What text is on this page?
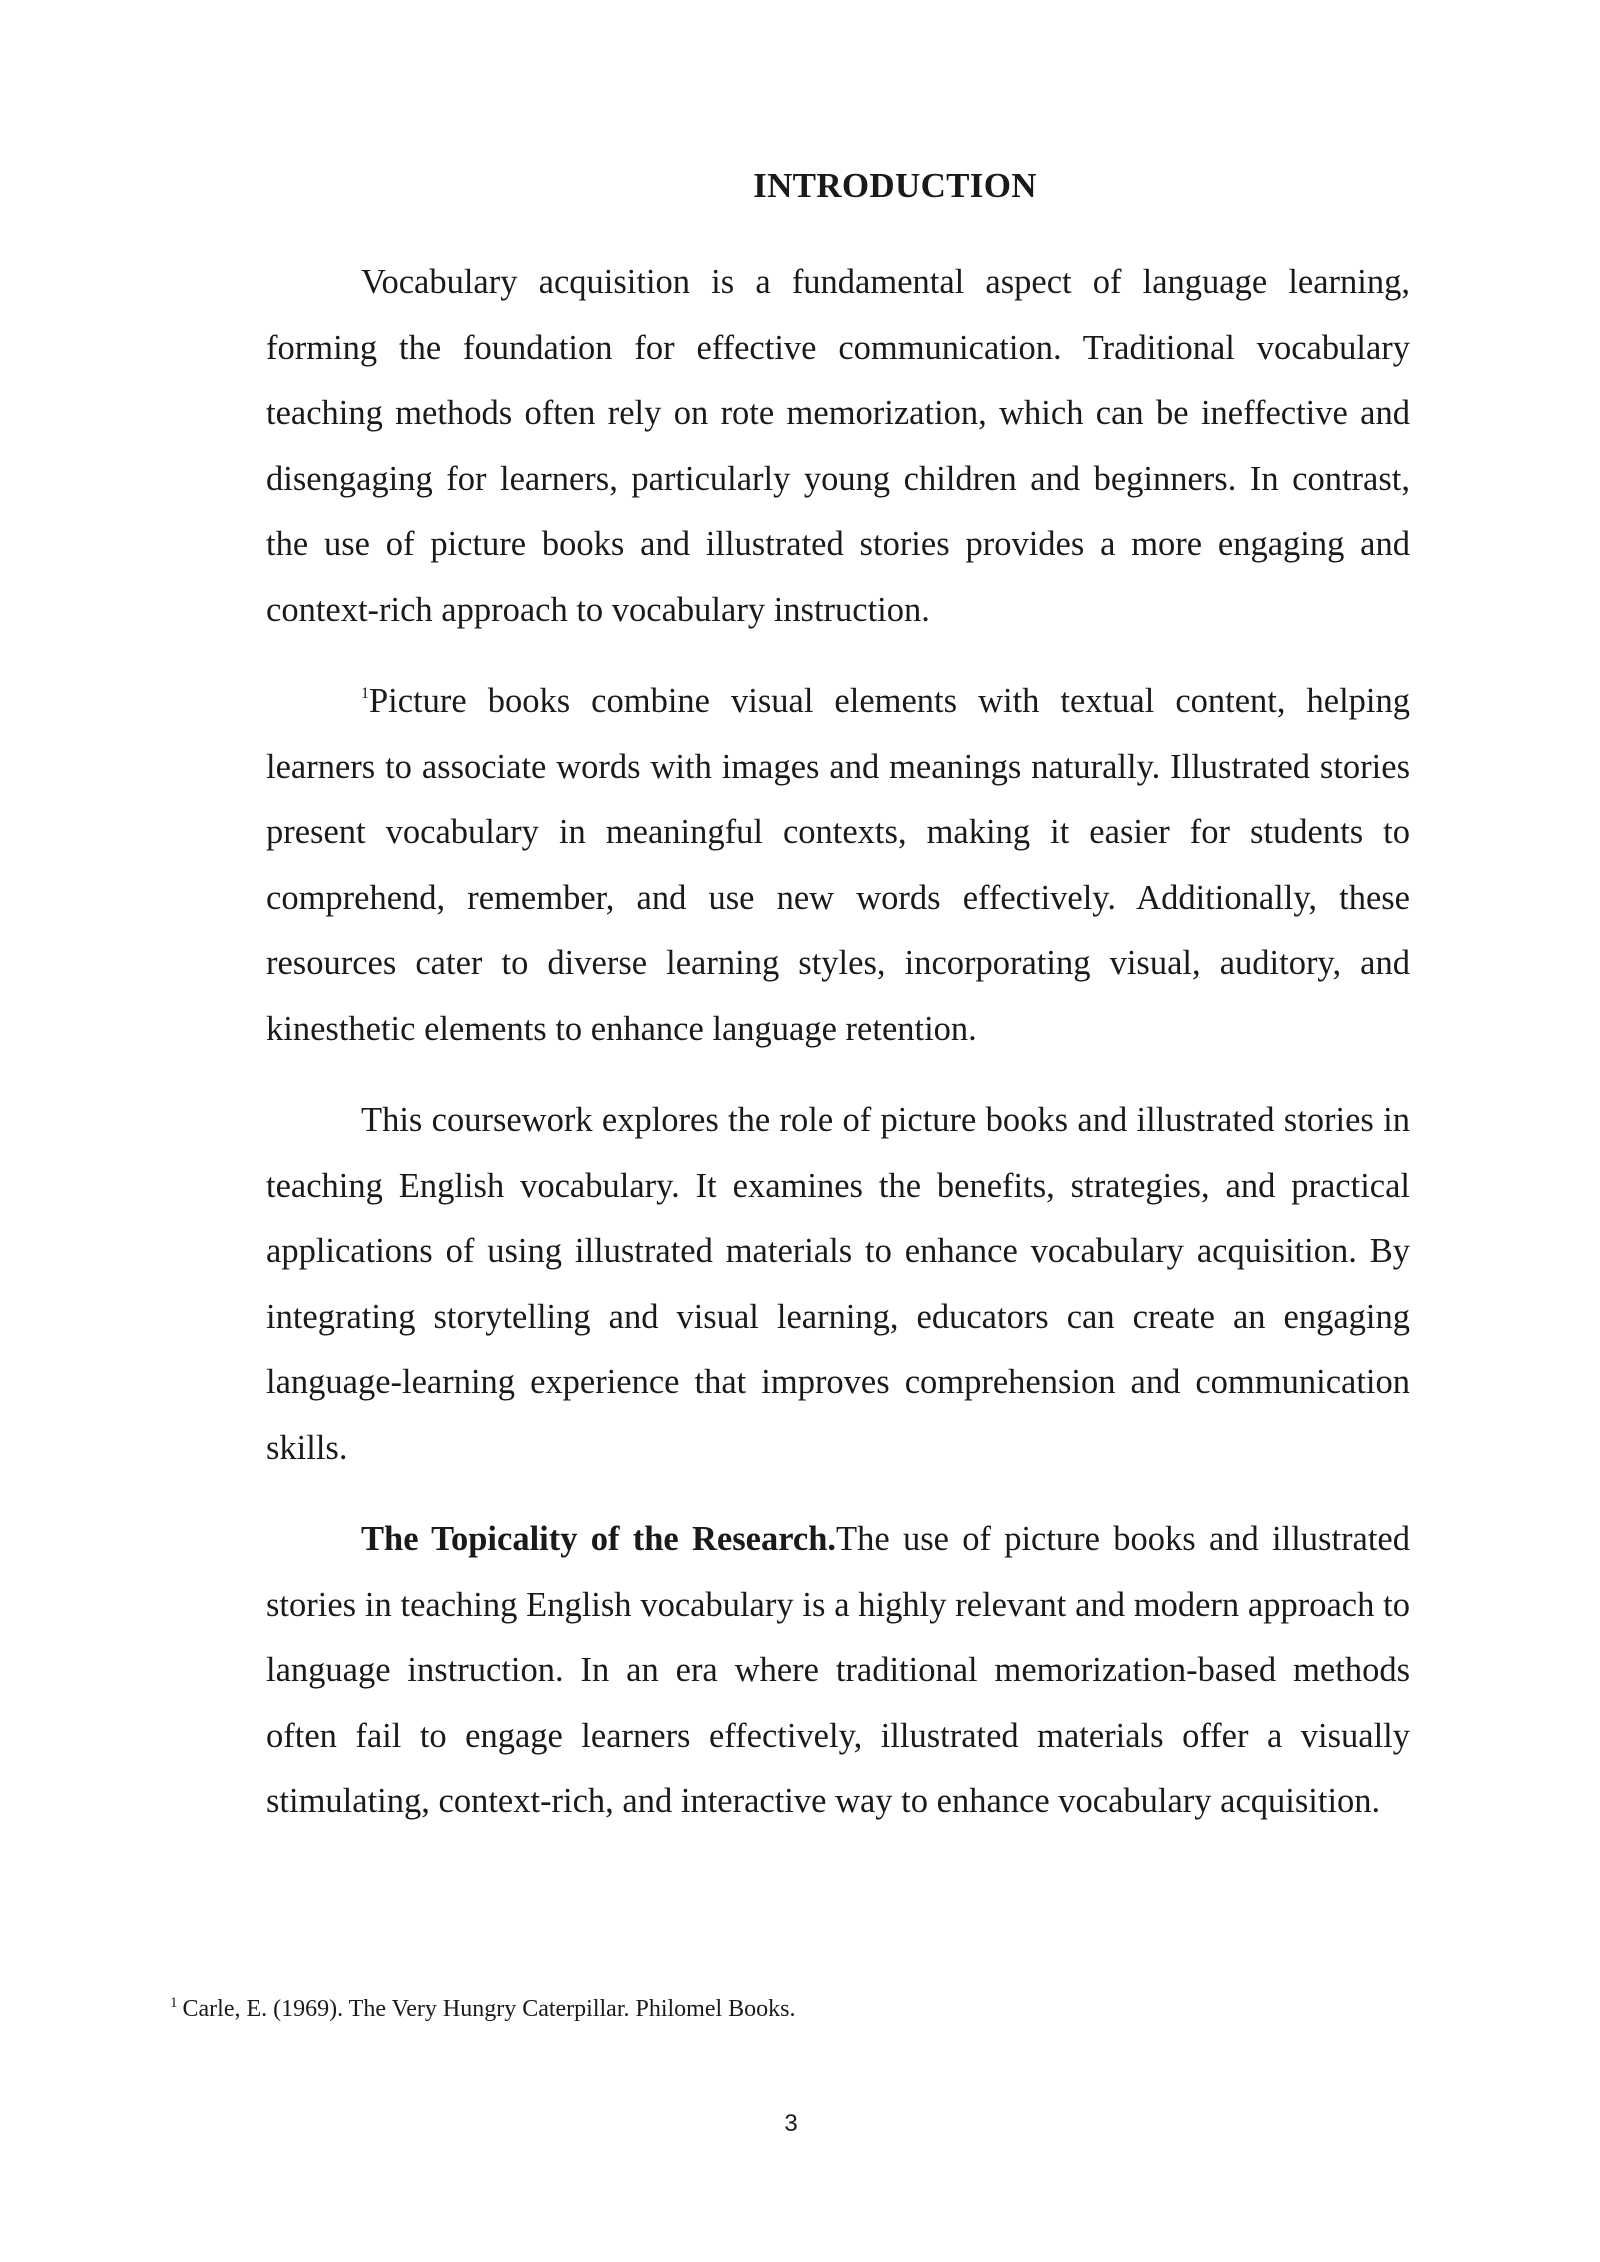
INTRODUCTION

Vocabulary acquisition is a fundamental aspect of language learning, forming the foundation for effective communication. Traditional vocabulary teaching methods often rely on rote memorization, which can be ineffective and disengaging for learners, particularly young children and beginners. In contrast, the use of picture books and illustrated stories provides a more engaging and context-rich approach to vocabulary instruction.

$^1$Picture books combine visual elements with textual content, helping learners to associate words with images and meanings naturally. Illustrated stories present vocabulary in meaningful contexts, making it easier for students to comprehend, remember, and use new words effectively. Additionally, these resources cater to diverse learning styles, incorporating visual, auditory, and kinesthetic elements to enhance language retention.

This coursework explores the role of picture books and illustrated stories in teaching English vocabulary. It examines the benefits, strategies, and practical applications of using illustrated materials to enhance vocabulary acquisition. By integrating storytelling and visual learning, educators can create an engaging language-learning experience that improves comprehension and communication skills.

The Topicality of the Research.The use of picture books and illustrated stories in teaching English vocabulary is a highly relevant and modern approach to language instruction. In an era where traditional memorization-based methods often fail to engage learners effectively, illustrated materials offer a visually stimulating, context-rich, and interactive way to enhance vocabulary acquisition.

$^1$ Carle, E. (1969). The Very Hungry Caterpillar. Philomel Books.
3
